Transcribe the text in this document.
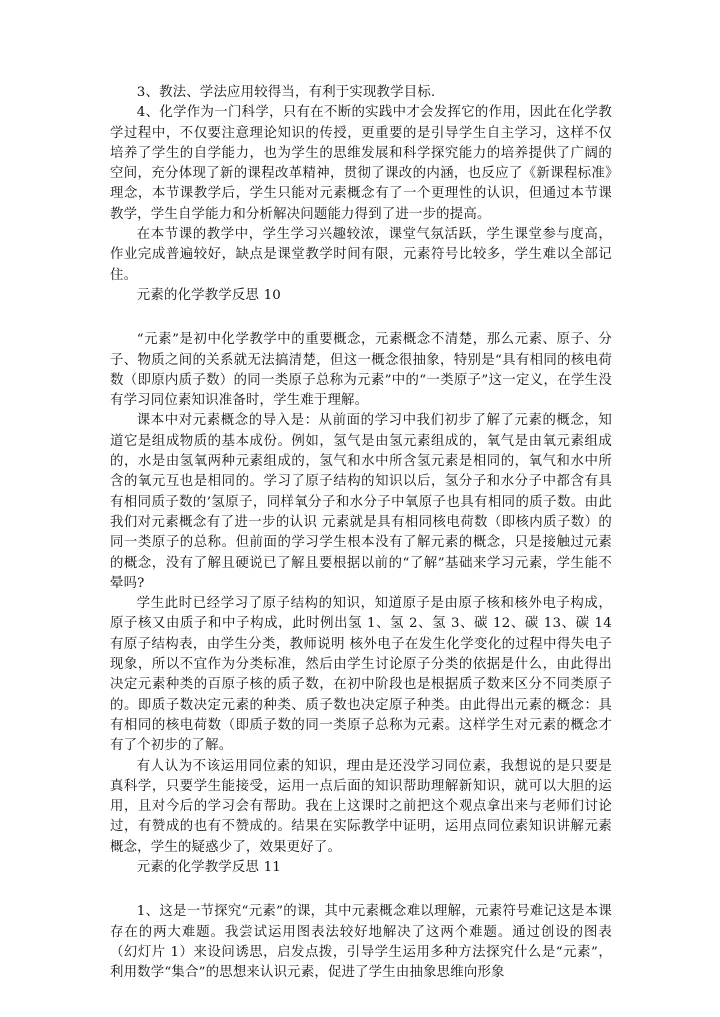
3、教法、学法应用较得当，有利于实现教学目标.

4、化学作为一门科学，只有在不断的实践中才会发挥它的作用，因此在化学教学过程中，不仅要注意理论知识的传授，更重要的是引导学生自主学习，这样不仅培养了学生的自学能力，也为学生的思维发展和科学探究能力的培养提供了广阔的空间，充分体现了新的课程改革精神，贯彻了课改的内涵，也反应了《新课程标准》理念，本节课教学后，学生只能对元素概念有了一个更理性的认识，但通过本节课教学，学生自学能力和分析解决问题能力得到了进一步的提高。

在本节课的教学中，学生学习兴趣较浓，课堂气氛活跃，学生课堂参与度高，作业完成普遍较好，缺点是课堂教学时间有限，元素符号比较多，学生难以全部记住。

元素的化学教学反思 10

“元素”是初中化学教学中的重要概念，元素概念不清楚，那么元素、原子、分子、物质之间的关系就无法搞清楚，但这一概念很抽象，特别是“具有相同的核电荷数（即原内质子数）的同一类原子总称为元素”中的“一类原子”这一定义，在学生没有学习同位素知识准备时，学生难于理解。

课本中对元素概念的导入是：从前面的学习中我们初步了解了元素的概念，知道它是组成物质的基本成份。例如，氢气是由氢元素组成的，氧气是由氧元素组成的，水是由氢氧两种元素组成的，氢气和水中所含氢元素是相同的，氧气和水中所含的氧元互也是相同的。学习了原子结构的知识以后，氢分子和水分子中都含有具有相同质子数的’氢原子，同样氧分子和水分子中氧原子也具有相同的质子数。由此我们对元素概念有了进一步的认识 元素就是具有相同核电荷数（即核内质子数）的同一类原子的总称。但前面的学习学生根本没有了解元素的概念，只是接触过元素的概念，没有了解且硬说已了解且要根据以前的“了解”基础来学习元素，学生能不晕吗?

学生此时已经学习了原子结构的知识，知道原子是由原子核和核外电子构成，原子核又由质子和中子构成，此时例出氢 1、氢 2、氢 3、碳 12、碳 13、碳 14 有原子结构表，由学生分类，教师说明 核外电子在发生化学变化的过程中得失电子现象，所以不宜作为分类标准，然后由学生讨论原子分类的依据是什么，由此得出决定元素种类的百原子核的质子数，在初中阶段也是根据质子数来区分不同类原子的。即质子数决定元素的种类、质子数也决定原子种类。由此得出元素的概念：具有相同的核电荷数（即质子数的同一类原子总称为元素。这样学生对元素的概念才有了个初步的了解。

有人认为不该运用同位素的知识，理由是还没学习同位素，我想说的是只要是真科学，只要学生能接受，运用一点后面的知识帮助理解新知识，就可以大胆的运用，且对今后的学习会有帮助。我在上这课时之前把这个观点拿出来与老师们讨论过，有赞成的也有不赞成的。结果在实际教学中证明，运用点同位素知识讲解元素概念，学生的疑惑少了，效果更好了。

元素的化学教学反思 11

1、这是一节探究“元素”的课，其中元素概念难以理解，元素符号难记这是本课存在的两大难题。我尝试运用图表法较好地解决了这两个难题。通过创设的图表（幻灯片 1）来设问诱思，启发点拨，引导学生运用多种方法探究什么是“元素”，利用数学“集合”的思想来认识元素，促进了学生由抽象思维向形象
